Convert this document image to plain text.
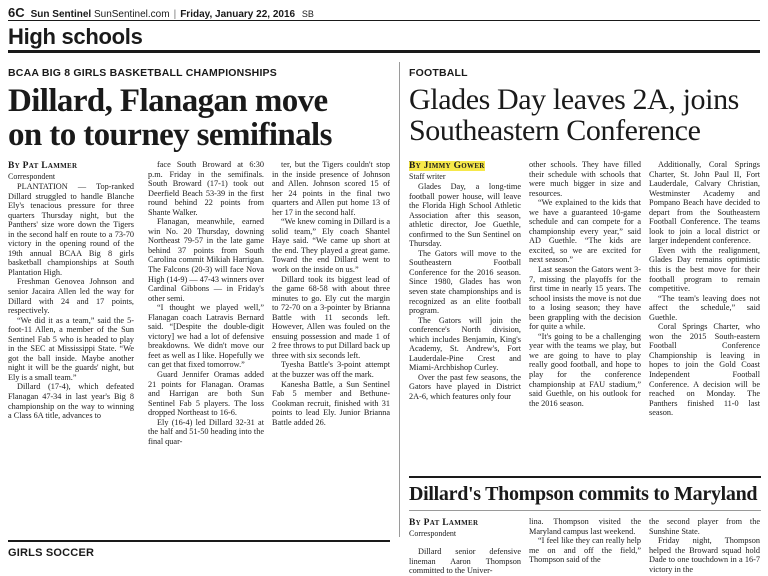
6C Sun Sentinel SunSentinel.com | Friday, January 22, 2016 SB
High schools
BCAA BIG 8 GIRLS BASKETBALL CHAMPIONSHIPS
Dillard, Flanagan move
on to tourney semifinals
By Pat Lammer
Correspondent

PLANTATION — Top-ranked Dillard struggled to handle Blanche Ely's tenacious pressure for three quarters Thursday night, but the Panthers' size wore down the Tigers in the second half en route to a 73-70 victory in the opening round of the 19th annual BCAA Big 8 girls basketball championships at South Plantation High.

Freshman Genovea Johnson and senior Jacaira Allen led the way for Dillard with 24 and 17 points, respectively.

“We did it as a team,” said the 5-foot-11 Allen, a member of the Sun Sentinel Fab 5 who is headed to play in the SEC at Mississippi State. “We got the ball inside. Maybe another night it will be the guards' night, but Ely is a small team.”

Dillard (17-4), which defeated Flanagan 47-34 in last year's Big 8 championship on the way to winning a Class 6A title, advances to

face South Broward at 6:30 p.m. Friday in the semifinals. South Broward (17-1) took out Deerfield Beach 53-39 in the first round behind 22 points from Shante Walker.

Flanagan, meanwhile, earned win No. 20 Thursday, downing Northeast 79-57 in the late game behind 37 points from South Carolina commit Mikiah Harrigan. The Falcons (20-3) will face Nova High (14-9) — 47-43 winners over Cardinal Gibbons — in Friday's other semi.

“I thought we played well,” Flanagan coach Latravis Bernard said. “[Despite the double-digit victory] we had a lot of defensive breakdowns. We didn't move our feet as well as I like. Hopefully we can get that fixed tomorrow.”

Guard Jennifer Oramas added 21 points for Flanagan. Oramas and Harrigan are both Sun Sentinel Fab 5 players. The loss dropped Northeast to 16-6.

Ely (16-4) led Dillard 32-31 at the half and 51-50 heading into the final quar-

ter, but the Tigers couldn't stop in the inside presence of Johnson and Allen. Johnson scored 15 of her 24 points in the final two quarters and Allen put home 13 of her 17 in the second half.

“We knew coming in Dillard is a solid team,” Ely coach Shantel Haye said. “We came up short at the end. They played a great game. Toward the end Dillard went to work on the inside on us.”

Dillard took its biggest lead of the game 68-58 with about three minutes to go. Ely cut the margin to 72-70 on a 3-pointer by Brianna Battle with 11 seconds left. However, Allen was fouled on the ensuing possession and made 1 of 2 free throws to put Dillard back up three with six seconds left.

Tyesha Battle's 3-point attempt at the buzzer was off the mark.

Kanesha Battle, a Sun Sentinel Fab 5 member and Bethune-Cookman recruit, finished with 31 points to lead Ely. Junior Brianna Battle added 26.

GIRLS SOCCER
FOOTBALL
Glades Day leaves 2A, joins
Southeastern Conference
By Jimmy Gower
Staff writer

Glades Day, a long-time football power house, will leave the Florida High School Athletic Association after this season, athletic director, Joe Guethle, confirmed to the Sun Sentinel on Thursday.

The Gators will move to the Southeastern Football Conference for the 2016 season. Since 1980, Glades has won seven state championships and is recognized as an elite football program.

The Gators will join the conference's North division, which includes Benjamin, King's Academy, St. Andrew's, Fort Lauderdale-Pine Crest and Miami-Archbishop Curley.

Over the past few seasons, the Gators have played in District 2A-6, which features only four

other schools. They have filled their schedule with schools that were much bigger in size and resources.

“We explained to the kids that we have a guaranteed 10-game schedule and can compete for a championship every year,” said AD Guethle. “The kids are excited, so we are excited for next season.”

Last season the Gators went 3-7, missing the playoffs for the first time in nearly 15 years. The school insists the move is not due to a losing season; they have been grappling with the decision for quite a while.

“It's going to be a challenging year with the teams we play, but we are going to have to play really good football, and hope to play for the conference championship at FAU stadium,” said Guethle, on his outlook for the 2016 season.

Additionally, Coral Springs Charter, St. John Paul II, Fort Lauderdale, Calvary Christian, Westminster Academy and Pompano Beach have decided to depart from the Southeastern Football Conference. The teams look to join a local district or larger independent conference.

Even with the realignment, Glades Day remains optimistic this is the best move for their football program to remain competitive.

“The team's leaving does not affect the schedule,” said Guethle.

Coral Springs Charter, who won the 2015 South-eastern Football Conference Championship is leaving in hopes to join the Gold Coast Independent Football Conference. A decision will be reached on Monday. The Panthers finished 11-0 last season.

Dillard's Thompson commits to Maryland
By Pat Lammer
Correspondent

Dillard senior defensive lineman Aaron Thompson committed to the Univer-

lina. Thompson visited the Maryland campus last weekend.

“I feel like they can really help me on and off the field,” Thompson said of the

the second player from the Sunshine State.

Friday night, Thompson helped the Broward squad hold Dade to one touchdown in a 16-7 victory in the
